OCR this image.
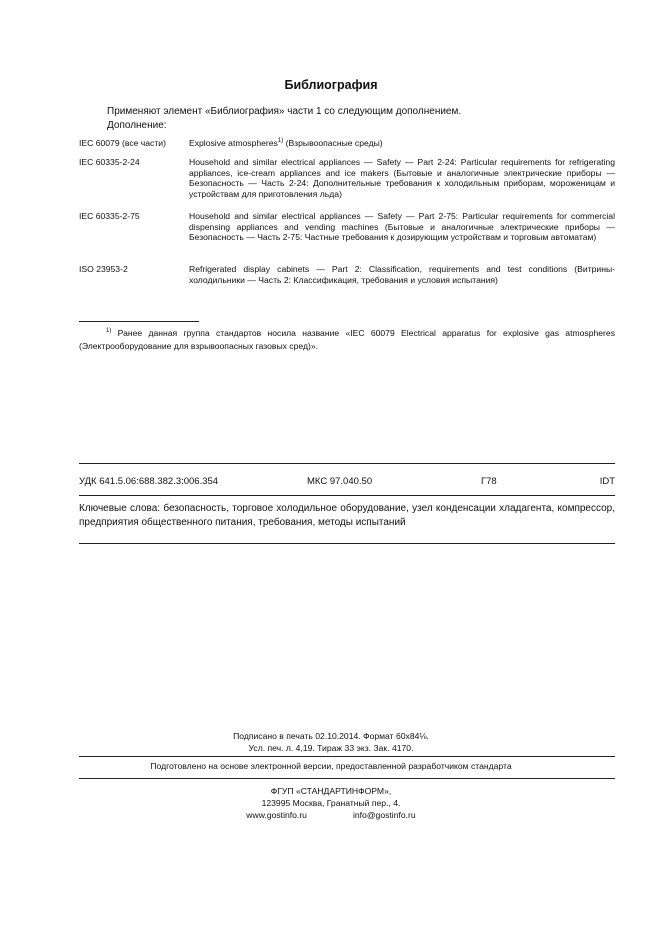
Библиография
Применяют элемент «Библиография» части 1 со следующим дополнением.
Дополнение:
IEC 60079 (все части)	Explosive atmospheres$^{1)}$ (Взрывоопасные среды)
IEC 60335-2-24	Household and similar electrical appliances — Safety — Part 2-24: Particular requirements for refrigerating appliances, ice-cream appliances and ice makers (Бытовые и аналогичные электрические приборы — Безопасность — Часть 2-24: Дополнительные требования к холодильным приборам, мороженицам и устройствам для приготовления льда)
IEC 60335-2-75	Household and similar electrical appliances — Safety — Part 2-75: Particular requirements for commercial dispensing appliances and vending machines (Бытовые и аналогичные электрические приборы — Безопасность — Часть 2-75: Частные требования к дозирующим устройствам и торговым автоматам)
ISO 23953-2	Refrigerated display cabinets — Part 2: Classification, requirements and test conditions (Витрины-холодильники — Часть 2: Классификация, требования и условия испытания)
$^{1)}$ Ранее данная группа стандартов носила название «IEC 60079 Electrical apparatus for explosive gas atmospheres (Электрооборудование для взрывоопасных газовых сред)».
УДК 641.5.06:688.382.3:006.354	МКС 97.040.50	Г78	IDT
Ключевые слова: безопасность, торговое холодильное оборудование, узел конденсации хладагента, компрессор, предприятия общественного питания, требования, методы испытаний
Подписано в печать 02.10.2014. Формат 60x84⅛.
Усл. печ. л. 4,19. Тираж 33 экз. Зак. 4170.
Подготовлено на основе электронной версии, предоставленной разработчиком стандарта
ФГУП «СТАНДАРТИНФОРМ»,
123995 Москва, Гранатный пер., 4.
www.gostinfo.ru	info@gostinfo.ru
